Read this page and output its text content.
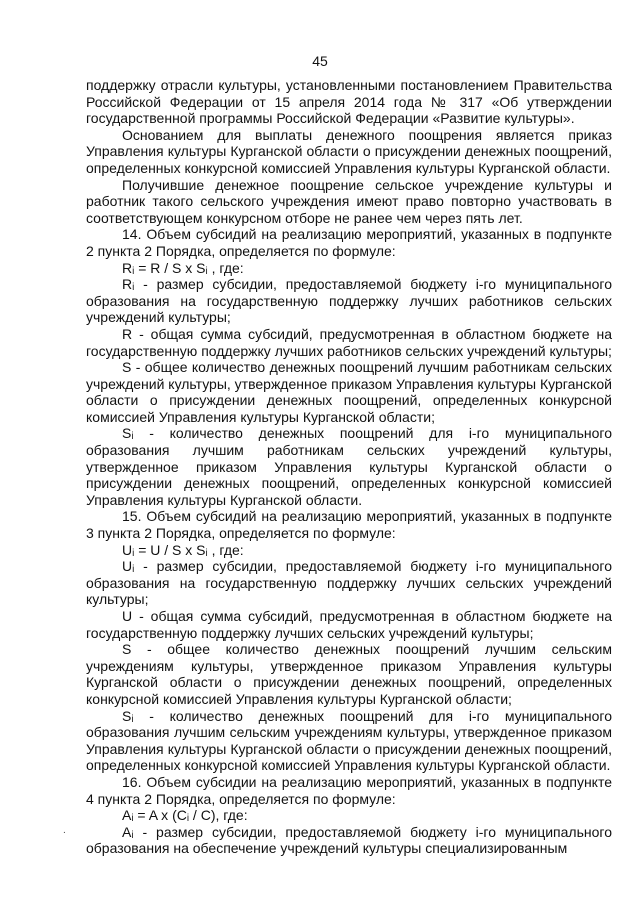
45

поддержку отрасли культуры, установленными постановлением Правительства Российской Федерации от 15 апреля 2014 года № 317 «Об утверждении государственной программы Российской Федерации «Развитие культуры».

Основанием для выплаты денежного поощрения является приказ Управления культуры Курганской области о присуждении денежных поощрений, определенных конкурсной комиссией Управления культуры Курганской области.

Получившие денежное поощрение сельское учреждение культуры и работник такого сельского учреждения имеют право повторно участвовать в соответствующем конкурсном отборе не ранее чем через пять лет.

14. Объем субсидий на реализацию мероприятий, указанных в подпункте 2 пункта 2 Порядка, определяется по формуле:

Rᵢ = R / S x Sᵢ , где:

Rᵢ - размер субсидии, предоставляемой бюджету i-го муниципального образования на государственную поддержку лучших работников сельских учреждений культуры;

R - общая сумма субсидий, предусмотренная в областном бюджете на государственную поддержку лучших работников сельских учреждений культуры;

S - общее количество денежных поощрений лучшим работникам сельских учреждений культуры, утвержденное приказом Управления культуры Курганской области о присуждении денежных поощрений, определенных конкурсной комиссией Управления культуры Курганской области;

Sᵢ - количество денежных поощрений для i-го муниципального образования лучшим работникам сельских учреждений культуры, утвержденное приказом Управления культуры Курганской области о присуждении денежных поощрений, определенных конкурсной комиссией Управления культуры Курганской области.

15. Объем субсидий на реализацию мероприятий, указанных в подпункте 3 пункта 2 Порядка, определяется по формуле:

Uᵢ = U / S x Sᵢ , где:

Uᵢ - размер субсидии, предоставляемой бюджету i-го муниципального образования на государственную поддержку лучших сельских учреждений культуры;

U - общая сумма субсидий, предусмотренная в областном бюджете на государственную поддержку лучших сельских учреждений культуры;

S - общее количество денежных поощрений лучшим сельским учреждениям культуры, утвержденное приказом Управления культуры Курганской области о присуждении денежных поощрений, определенных конкурсной комиссией Управления культуры Курганской области;

Sᵢ - количество денежных поощрений для i-го муниципального образования лучшим сельским учреждениям культуры, утвержденное приказом Управления культуры Курганской области о присуждении денежных поощрений, определенных конкурсной комиссией Управления культуры Курганской области.

16. Объем субсидии на реализацию мероприятий, указанных в подпункте 4 пункта 2 Порядка, определяется по формуле:

Aᵢ = A x (Cᵢ / C), где:

Aᵢ - размер субсидии, предоставляемой бюджету i-го муниципального образования на обеспечение учреждений культуры специализированным

.
